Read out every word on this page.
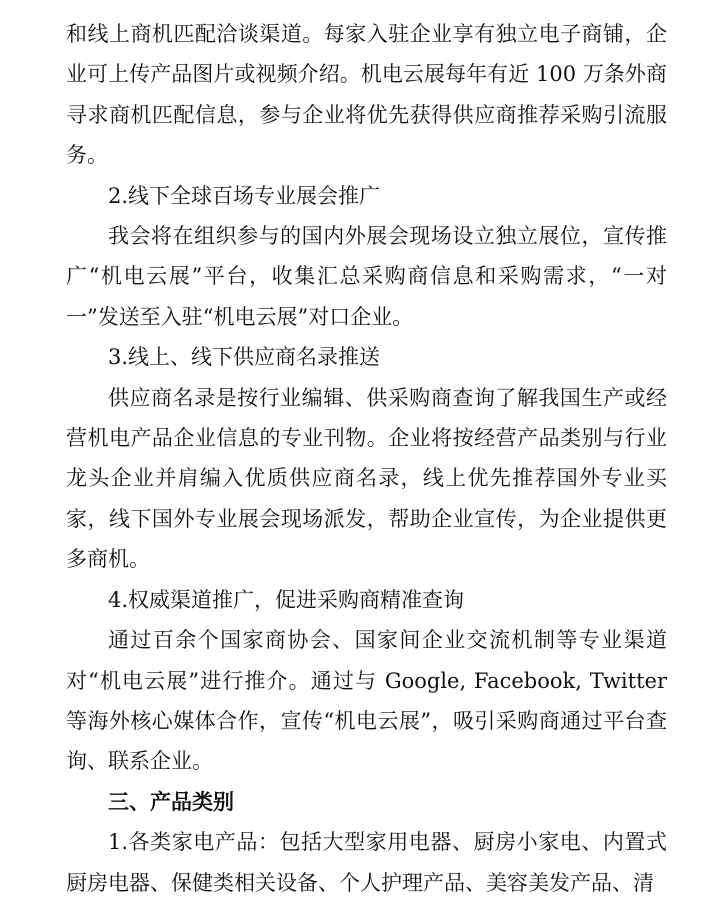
和线上商机匹配洽谈渠道。每家入驻企业享有独立电子商铺，企业可上传产品图片或视频介绍。机电云展每年有近 100 万条外商寻求商机匹配信息，参与企业将优先获得供应商推荐采购引流服务。

2.线下全球百场专业展会推广

我会将在组织参与的国内外展会现场设立独立展位，宣传推广“机电云展”平台，收集汇总采购商信息和采购需求，“一对一”发送至入驻“机电云展”对口企业。

3.线上、线下供应商名录推送

供应商名录是按行业编辑、供采购商查询了解我国生产或经营机电产品企业信息的专业刊物。企业将按经营产品类别与行业龙头企业并肩编入优质供应商名录，线上优先推荐国外专业买家，线下国外专业展会现场派发，帮助企业宣传，为企业提供更多商机。

4.权威渠道推广，促进采购商精准查询

通过百余个国家商协会、国家间企业交流机制等专业渠道对“机电云展”进行推介。通过与 Google, Facebook, Twitter 等海外核心媒体合作，宣传“机电云展”，吸引采购商通过平台查询、联系企业。

三、产品类别

1.各类家电产品：包括大型家用电器、厨房小家电、内置式厨房电器、保健类相关设备、个人护理产品、美容美发产品、清
